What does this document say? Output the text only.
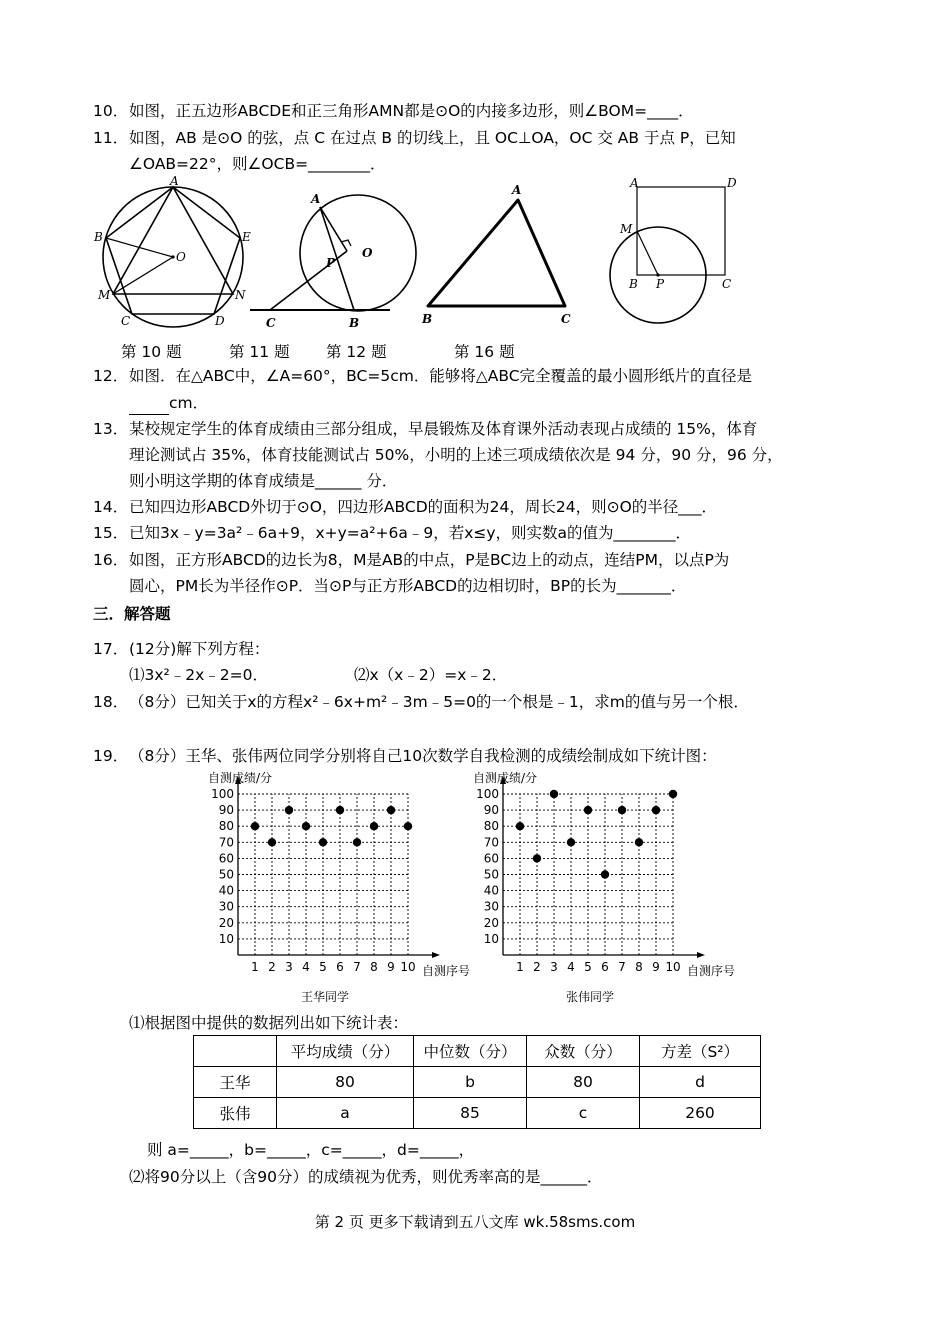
10．如图，正五边形ABCDE和正三角形AMN都是⊙O的内接多边形，则∠BOM=____．
11．如图，AB 是⊙O 的弦，点 C 在过点 B 的切线上，且 OC⊥OA，OC 交 AB 于点 P，已知
∠OAB=22°，则∠OCB=________．
A
B	E
O
M	N
C	D
A
O
P
C	B
A
B	C
A	D
M
B P	C
第 10 题	第 11 题 第 12 题	第 16 题
12．如图．在△ABC中，∠A=60°，BC=5cm．能够将△ABC完全覆盖的最小圆形纸片的直径是
cm．
13．某校规定学生的体育成绩由三部分组成，早晨锻炼及体育课外活动表现占成绩的 15%，体育
理论测试占 35%，体育技能测试占 50%，小明的上述三项成绩依次是 94 分，90 分，96 分，
则小明这学期的体育成绩是______ 分．
14．已知四边形ABCD外切于⊙O，四边形ABCD的面积为24，周长24，则⊙O的半径___．
15．已知3x﹣y=3a²﹣6a+9，x+y=a²+6a﹣9，若x≤y，则实数a的值为________．
16．如图，正方形ABCD的边长为8，M是AB的中点，P是BC边上的动点，连结PM，以点P为
圆心，PM长为半径作⊙P．当⊙P与正方形ABCD的边相切时，BP的长为_______．
三．解答题
17．(12分)解下列方程：
⑴3x²﹣2x﹣2=0．	⑵x（x﹣2）=x﹣2．
18．（8分）已知关于x的方程x²﹣6x+m²﹣3m﹣5=0的一个根是﹣1，求m的值与另一个根．
19．（8分）王华、张伟两位同学分别将自己10次数学自我检测的成绩绘制成如下统计图：
10
20
30
40
50
60
70
80
90
100
1 2 3 4 5 6 7 8 9 10
自测成绩/分
自测序号
王华同学
10
20
30
40
50
60
70
80
90
100
1 2 3 4 5 6 7 8 9 10
自测成绩/分
自测序号
张伟同学
⑴根据图中提供的数据列出如下统计表：
	平均成绩（分）	中位数（分）	众数（分）	方差（S²）
王华	80	b	80	d
张伟	a	85	c	260
则 a=_____，b=_____，c=_____，d=_____，
⑵将90分以上（含90分）的成绩视为优秀，则优秀率高的是______．
第 2 页 更多下载请到五八文库 wk.58sms.com
